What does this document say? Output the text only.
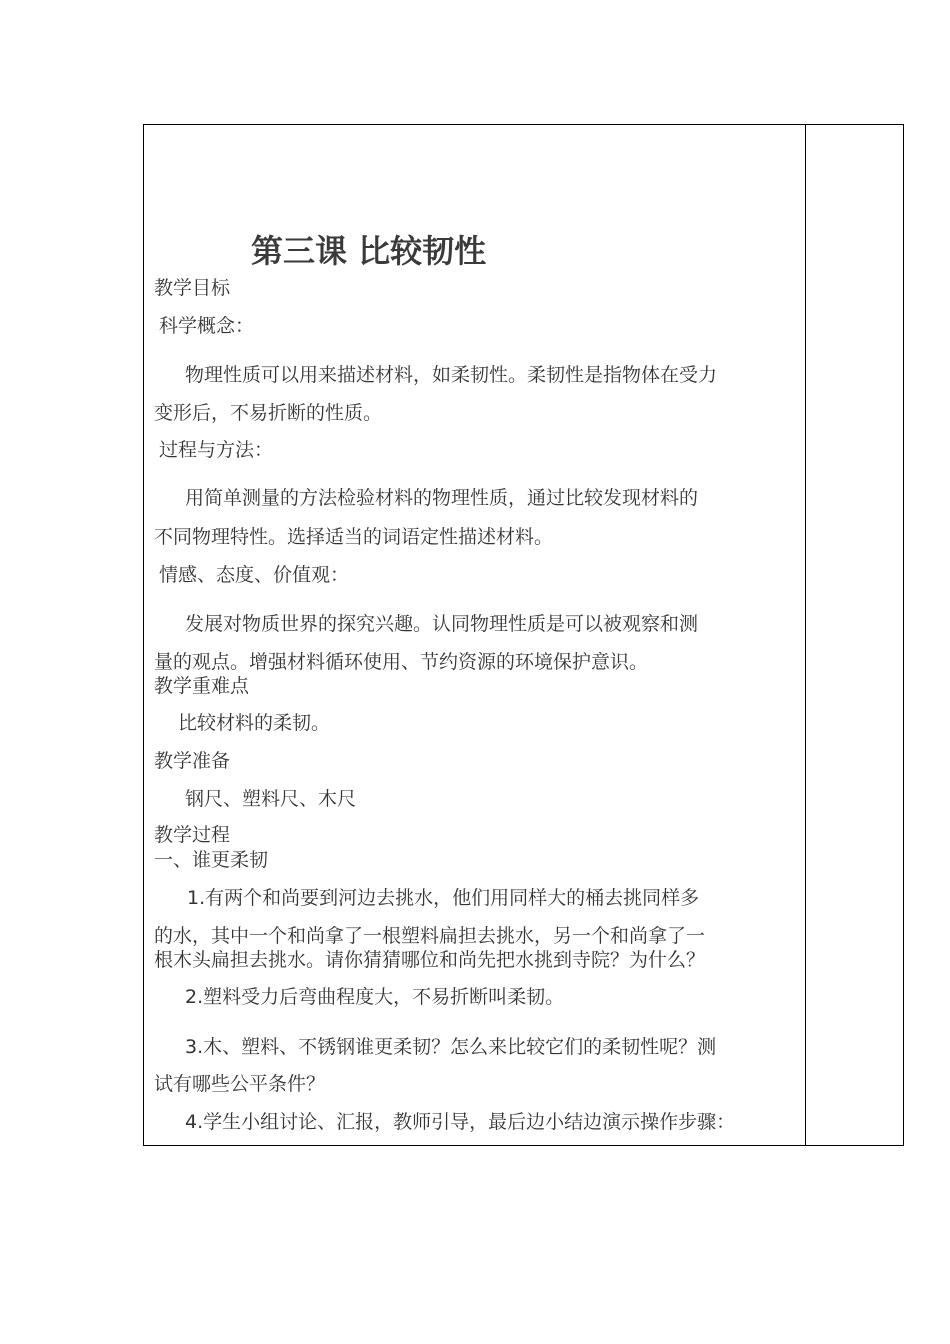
第三课 比较韧性
教学目标
科学概念：
物理性质可以用来描述材料，如柔韧性。柔韧性是指物体在受力
变形后，不易折断的性质。
过程与方法：
用简单测量的方法检验材料的物理性质，通过比较发现材料的
不同物理特性。选择适当的词语定性描述材料。
情感、态度、价值观：
发展对物质世界的探究兴趣。认同物理性质是可以被观察和测
量的观点。增强材料循环使用、节约资源的环境保护意识。
教学重难点
比较材料的柔韧。
教学准备
钢尺、塑料尺、木尺
教学过程
一、谁更柔韧
1.有两个和尚要到河边去挑水，他们用同样大的桶去挑同样多
的水，其中一个和尚拿了一根塑料扁担去挑水，另一个和尚拿了一
根木头扁担去挑水。请你猜猜哪位和尚先把水挑到寺院？为什么？
2.塑料受力后弯曲程度大，不易折断叫柔韧。
3.木、塑料、不锈钢谁更柔韧？怎么来比较它们的柔韧性呢？测
试有哪些公平条件？
4.学生小组讨论、汇报，教师引导，最后边小结边演示操作步骤：
